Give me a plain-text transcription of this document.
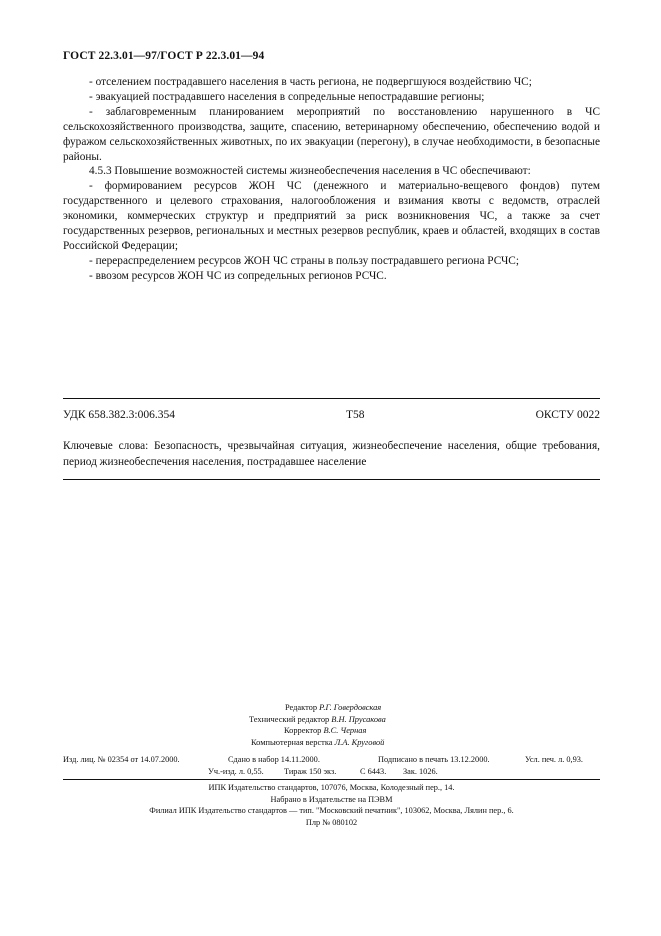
ГОСТ 22.3.01—97/ГОСТ Р 22.3.01—94

- отселением пострадавшего населения в часть региона, не подвергшуюся воздействию ЧС;

- эвакуацией пострадавшего населения в сопредельные непострадавшие регионы;

- заблаговременным планированием мероприятий по восстановлению нарушенного в ЧС сельскохозяйственного производства, защите, спасению, ветеринарному обеспечению, обеспечению водой и фуражом сельскохозяйственных животных, по их эвакуации (перегону), в случае необходимости, в безопасные районы.

4.5.3 Повышение возможностей системы жизнеобеспечения населения в ЧС обеспечивают:

- формированием ресурсов ЖОН ЧС (денежного и материально-вещевого фондов) путем государственного и целевого страхования, налогообложения и взимания квоты с ведомств, отраслей экономики, коммерческих структур и предприятий за риск возникновения ЧС, а также за счет государственных резервов, региональных и местных резервов республик, краев и областей, входящих в состав Российской Федерации;

- перераспределением ресурсов ЖОН ЧС страны в пользу пострадавшего региона РСЧС;

- ввозом ресурсов ЖОН ЧС из сопредельных регионов РСЧС.

УДК 658.382.3:006.354	Т58	ОКСТУ 0022
Ключевые слова: Безопасность, чрезвычайная ситуация, жизнеобеспечение населения, общие требования, период жизнеобеспечения населения, пострадавшее население
Редактор Р.Г. Говердовская
Технический редактор В.Н. Прусакова
Корректор В.С. Черная
Компьютерная верстка Л.А. Круговой
Изд. лиц. № 02354 от 14.07.2000.	Сдано в набор 14.11.2000.	Подписано в печать 13.12.2000.	Усл. печ. л. 0,93.
Уч.-изд. л. 0,55. Тираж 150 экз.	С 6443. Зак. 1026.
ИПК Издательство стандартов, 107076, Москва, Колодезный пер., 14.
Набрано в Издательстве на ПЭВМ
Филиал ИПК Издательство стандартов — тип. "Московский печатник", 103062, Москва, Лялин пер., 6.
Плр № 080102
